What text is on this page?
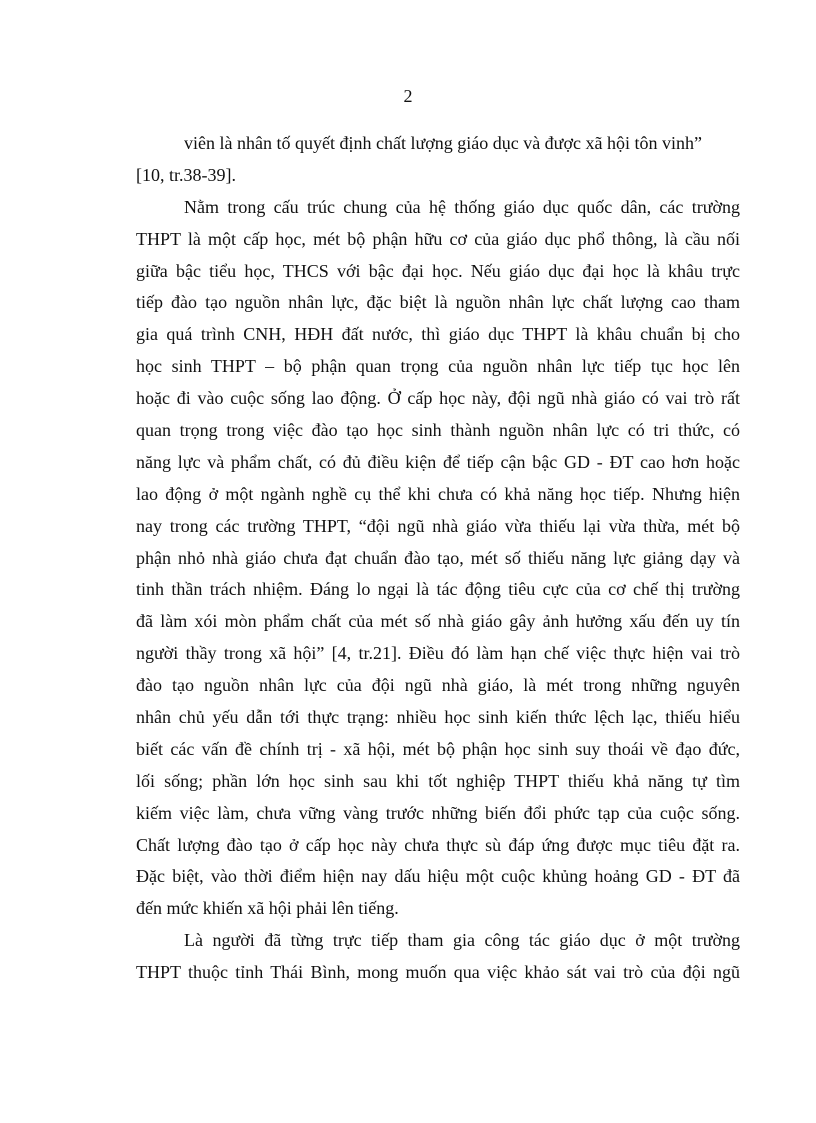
2
viên là nhân tố quyết định chất lượng giáo dục và được xã hội tôn vinh”
[10, tr.38-39].
Nằm trong cấu trúc chung của hệ thống giáo dục quốc dân, các trường
THPT là một cấp học, mét bộ phận hữu cơ của giáo dục phổ thông, là cầu nối
giữa bậc tiểu học, THCS với bậc đại học. Nếu giáo dục đại học là khâu trực
tiếp đào tạo nguồn nhân lực, đặc biệt là nguồn nhân lực chất lượng cao tham
gia quá trình CNH, HĐH đất nước, thì giáo dục THPT là khâu chuẩn bị cho
học sinh THPT – bộ phận quan trọng của nguồn nhân lực tiếp tục học lên
hoặc đi vào cuộc sống lao động. Ở cấp học này, đội ngũ nhà giáo có vai trò rất
quan trọng trong việc đào tạo học sinh thành nguồn nhân lực có tri thức, có
năng lực và phẩm chất, có đủ điều kiện để tiếp cận bậc GD - ĐT cao hơn hoặc
lao động ở một ngành nghề cụ thể khi chưa có khả năng học tiếp. Nhưng hiện
nay trong các trường THPT, “đội ngũ nhà giáo vừa thiếu lại vừa thừa, mét bộ
phận nhỏ nhà giáo chưa đạt chuẩn đào tạo, mét số thiếu năng lực giảng dạy và
tinh thần trách nhiệm. Đáng lo ngại là tác động tiêu cực của cơ chế thị trường
đã làm xói mòn phẩm chất của mét số nhà giáo gây ảnh hưởng xấu đến uy tín
người thầy trong xã hội” [4, tr.21]. Điều đó làm hạn chế việc thực hiện vai trò
đào tạo nguồn nhân lực của đội ngũ nhà giáo, là mét trong những nguyên
nhân chủ yếu dẫn tới thực trạng: nhiều học sinh kiến thức lệch lạc, thiếu hiểu
biết các vấn đề chính trị - xã hội, mét bộ phận học sinh suy thoái về đạo đức,
lối sống; phần lớn học sinh sau khi tốt nghiệp THPT thiếu khả năng tự tìm
kiếm việc làm, chưa vững vàng trước những biến đổi phức tạp của cuộc sống.
Chất lượng đào tạo ở cấp học này chưa thực sù đáp ứng được mục tiêu đặt ra.
Đặc biệt, vào thời điểm hiện nay dấu hiệu một cuộc khủng hoảng GD - ĐT đã
đến mức khiến xã hội phải lên tiếng.
Là người đã từng trực tiếp tham gia công tác giáo dục ở một trường
THPT thuộc tỉnh Thái Bình, mong muốn qua việc khảo sát vai trò của đội ngũ
